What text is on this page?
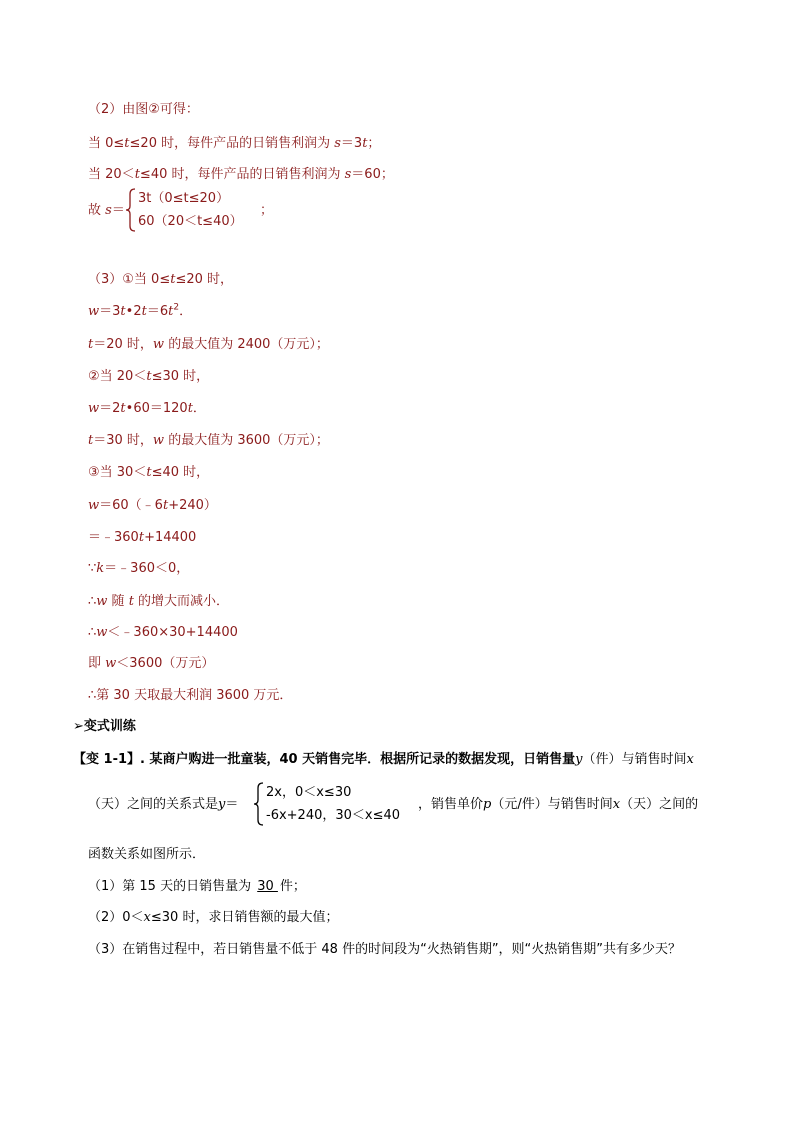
（2）由图②可得：
当 0≤t≤20 时，每件产品的日销售利润为 s＝3t；
当 20＜t≤40 时，每件产品的日销售利润为 s＝60；
故 s＝
3t（0≤t≤20）
60（20＜t≤40）
；
（3）①当 0≤t≤20 时，
$w=3t•2t=6t^2$．
t＝20 时，w 的最大值为 2400（万元）；
②当 20＜t≤30 时，
w＝2t•60＝120t．
t＝30 时，w 的最大值为 3600（万元）；
③当 30＜t≤40 时，
w＝60（﹣6t+240）
＝﹣360t+14400
∵k＝﹣360＜0，
∴w 随 t 的增大而减小．
∴w＜﹣360×30+14400
即 w＜3600（万元）
∴第 30 天取最大利润 3600 万元．
➢变式训练
【变 1-1】. 某商户购进一批童装，40 天销售完毕．根据所记录的数据发现，日销售量y（件）与销售时间x
（天）之间的关系式是y＝
2x，0＜x≤30
-6x+240，30＜x≤40
，销售单价p（元/件）与销售时间x（天）之间的
函数关系如图所示．
（1）第 15 天的日销售量为 30 件；
（2）0＜x≤30 时，求日销售额的最大值；
（3）在销售过程中，若日销售量不低于 48 件的时间段为“火热销售期”，则“火热销售期”共有多少天？
